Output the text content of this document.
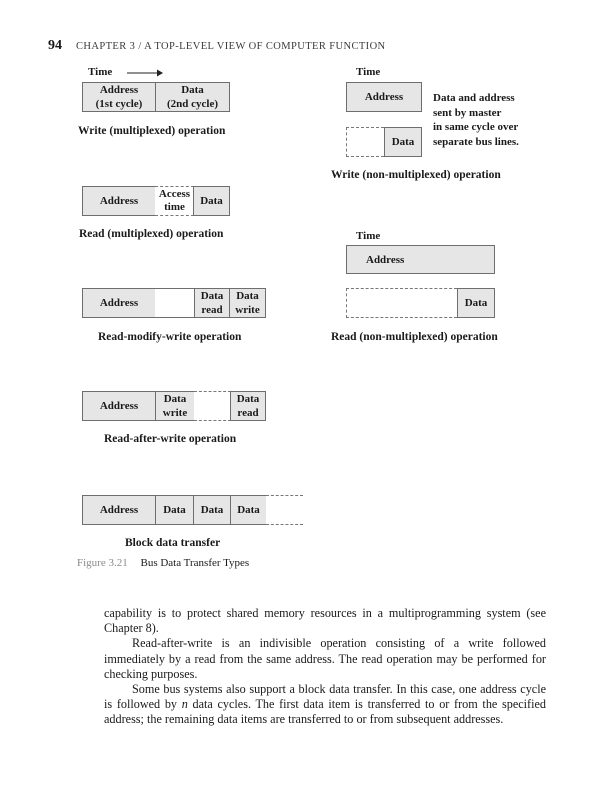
94 CHAPTER 3 / A TOP-LEVEL VIEW OF COMPUTER FUNCTION
Time
Address
(1st cycle)
Data
(2nd cycle)
Write (multiplexed) operation
Time
Address
Data
Data and address
sent by master
in same cycle over
separate bus lines.
Write (non-multiplexed) operation
Address
Access
time	Data
Read (multiplexed) operation	Time
Address
Data
Read (non-multiplexed) operation
Address
Data
read
Data
write
Read-modify-write operation
Address
Data
write
Data
read
Read-after-write operation
Address	Data	Data	Data
Block data transfer
Figure 3.21 Bus Data Transfer Types

capability is to protect shared memory resources in a multiprogramming system (see Chapter 8).

Read-after-write is an indivisible operation consisting of a write followed immediately by a read from the same address. The read operation may be performed for checking purposes.

Some bus systems also support a block data transfer. In this case, one address cycle is followed by n data cycles. The first data item is transferred to or from the specified address; the remaining data items are transferred to or from subsequent addresses.
